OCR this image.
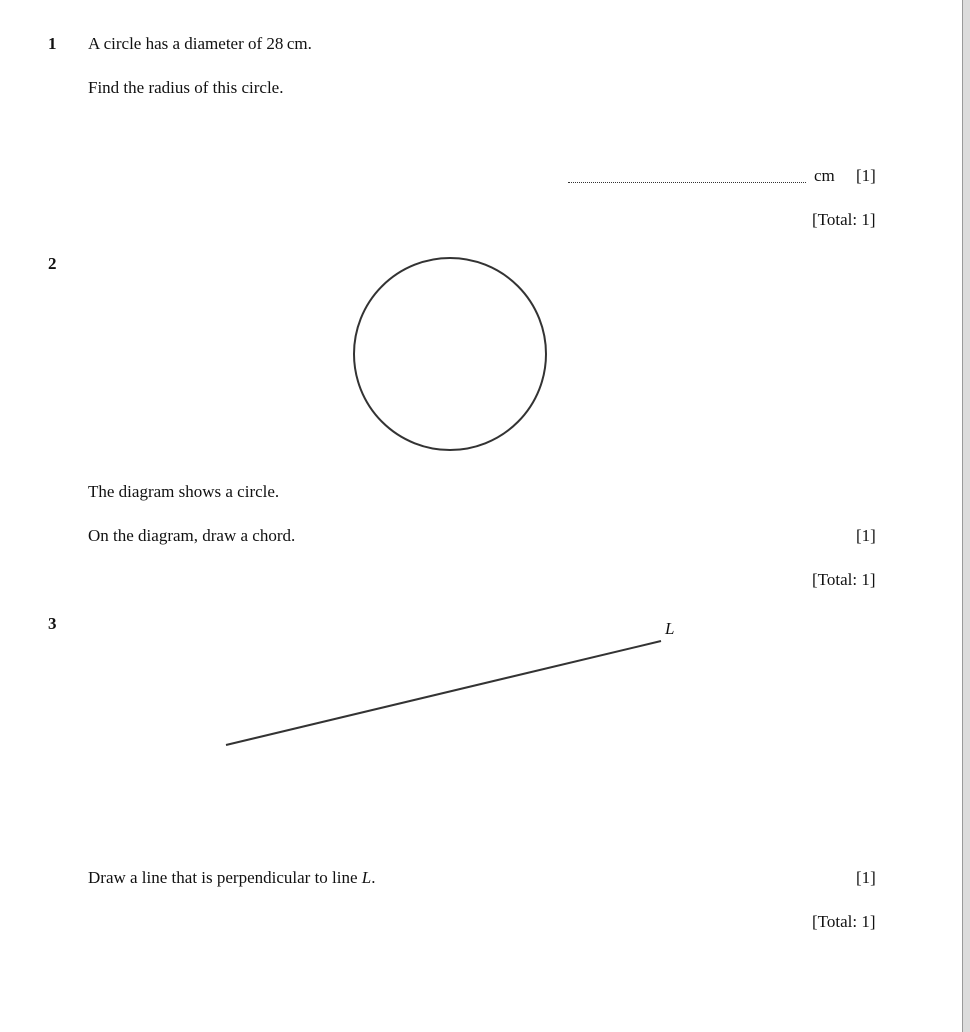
1 A circle has a diameter of 28 cm.
Find the radius of this circle.
cm [1]
[Total: 1]
2
The diagram shows a circle.
On the diagram, draw a chord.	[1]
[Total: 1]
3	L
Draw a line that is perpendicular to line L.	[1]
[Total: 1]
